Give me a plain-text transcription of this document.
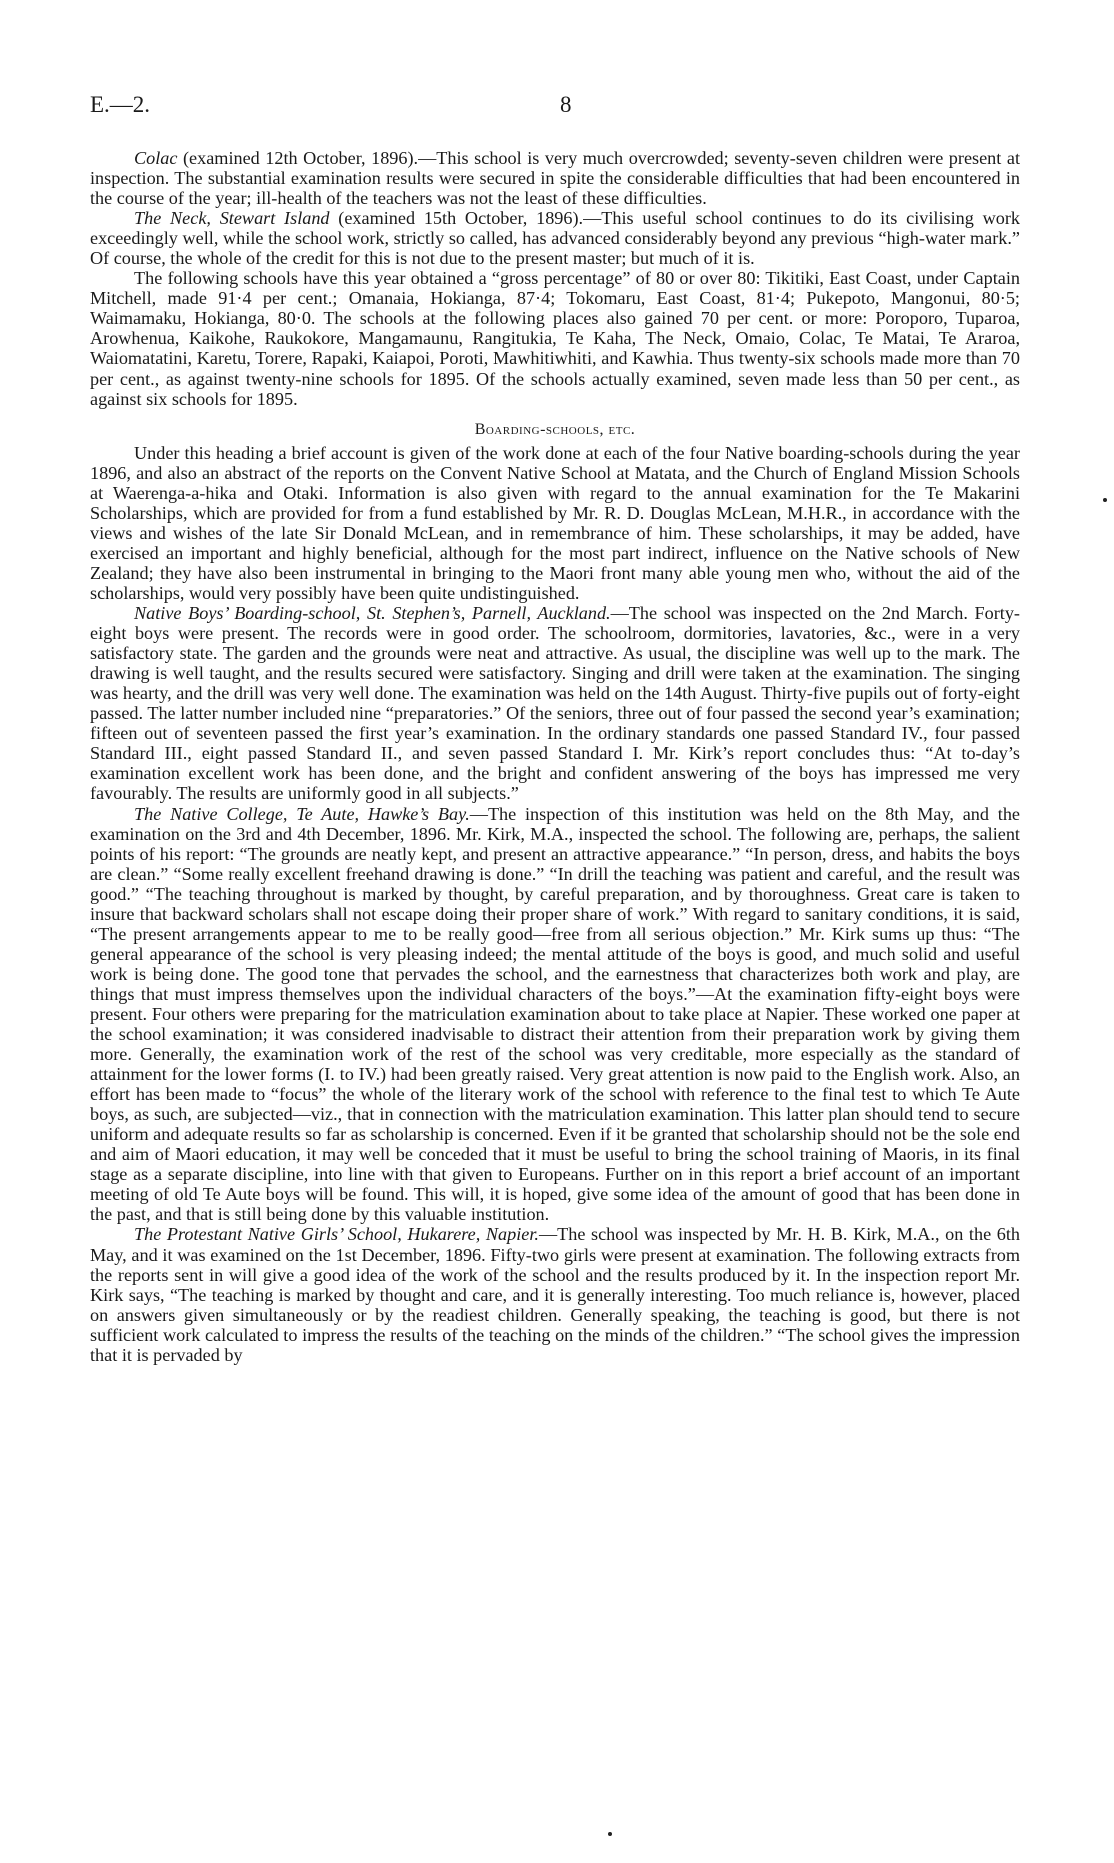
E.—2.	8

Colac (examined 12th October, 1896).—This school is very much overcrowded; seventy-seven children were present at inspection. The substantial examination results were secured in spite the considerable difficulties that had been encountered in the course of the year; ill-health of the teachers was not the least of these difficulties.

The Neck, Stewart Island (examined 15th October, 1896).—This useful school continues to do its civilising work exceedingly well, while the school work, strictly so called, has advanced considerably beyond any previous “high-water mark.” Of course, the whole of the credit for this is not due to the present master; but much of it is.

The following schools have this year obtained a “gross percentage” of 80 or over 80: Tikitiki, East Coast, under Captain Mitchell, made 91·4 per cent.; Omanaia, Hokianga, 87·4; Tokomaru, East Coast, 81·4; Pukepoto, Mangonui, 80·5; Waimamaku, Hokianga, 80·0. The schools at the following places also gained 70 per cent. or more: Poroporo, Tuparoa, Arowhenua, Kaikohe, Raukokore, Mangamaunu, Rangitukia, Te Kaha, The Neck, Omaio, Colac, Te Matai, Te Araroa, Waiomatatini, Karetu, Torere, Rapaki, Kaiapoi, Poroti, Mawhitiwhiti, and Kawhia. Thus twenty-six schools made more than 70 per cent., as against twenty-nine schools for 1895. Of the schools actually examined, seven made less than 50 per cent., as against six schools for 1895.

Boarding-schools, etc.

Under this heading a brief account is given of the work done at each of the four Native boarding-schools during the year 1896, and also an abstract of the reports on the Convent Native School at Matata, and the Church of England Mission Schools at Waerenga-a-hika and Otaki. Information is also given with regard to the annual examination for the Te Makarini Scholarships, which are provided for from a fund established by Mr. R. D. Douglas McLean, M.H.R., in accordance with the views and wishes of the late Sir Donald McLean, and in remembrance of him. These scholarships, it may be added, have exercised an important and highly beneficial, although for the most part indirect, influence on the Native schools of New Zealand; they have also been instrumental in bringing to the Maori front many able young men who, without the aid of the scholarships, would very possibly have been quite undistinguished.

Native Boys’ Boarding-school, St. Stephen’s, Parnell, Auckland.—The school was inspected on the 2nd March. Forty-eight boys were present. The records were in good order. The schoolroom, dormitories, lavatories, &c., were in a very satisfactory state. The garden and the grounds were neat and attractive. As usual, the discipline was well up to the mark. The drawing is well taught, and the results secured were satisfactory. Singing and drill were taken at the examination. The singing was hearty, and the drill was very well done. The examination was held on the 14th August. Thirty-five pupils out of forty-eight passed. The latter number included nine “preparatories.” Of the seniors, three out of four passed the second year’s examination; fifteen out of seventeen passed the first year’s examination. In the ordinary standards one passed Standard IV., four passed Standard III., eight passed Standard II., and seven passed Standard I. Mr. Kirk’s report concludes thus: “At to-day’s examination excellent work has been done, and the bright and confident answering of the boys has impressed me very favourably. The results are uniformly good in all subjects.”

The Native College, Te Aute, Hawke’s Bay.—The inspection of this institution was held on the 8th May, and the examination on the 3rd and 4th December, 1896. Mr. Kirk, M.A., inspected the school. The following are, perhaps, the salient points of his report: “The grounds are neatly kept, and present an attractive appearance.” “In person, dress, and habits the boys are clean.” “Some really excellent freehand drawing is done.” “In drill the teaching was patient and careful, and the result was good.” “The teaching throughout is marked by thought, by careful preparation, and by thoroughness. Great care is taken to insure that backward scholars shall not escape doing their proper share of work.” With regard to sanitary conditions, it is said, “The present arrangements appear to me to be really good—free from all serious objection.” Mr. Kirk sums up thus: “The general appearance of the school is very pleasing indeed; the mental attitude of the boys is good, and much solid and useful work is being done. The good tone that pervades the school, and the earnestness that characterizes both work and play, are things that must impress themselves upon the individual characters of the boys.”—At the examination fifty-eight boys were present. Four others were preparing for the matriculation examination about to take place at Napier. These worked one paper at the school examination; it was considered inadvisable to distract their attention from their preparation work by giving them more. Generally, the examination work of the rest of the school was very creditable, more especially as the standard of attainment for the lower forms (I. to IV.) had been greatly raised. Very great attention is now paid to the English work. Also, an effort has been made to “focus” the whole of the literary work of the school with reference to the final test to which Te Aute boys, as such, are subjected—viz., that in connection with the matriculation examination. This latter plan should tend to secure uniform and adequate results so far as scholarship is concerned. Even if it be granted that scholarship should not be the sole end and aim of Maori education, it may well be conceded that it must be useful to bring the school training of Maoris, in its final stage as a separate discipline, into line with that given to Europeans. Further on in this report a brief account of an important meeting of old Te Aute boys will be found. This will, it is hoped, give some idea of the amount of good that has been done in the past, and that is still being done by this valuable institution.

The Protestant Native Girls’ School, Hukarere, Napier.—The school was inspected by Mr. H. B. Kirk, M.A., on the 6th May, and it was examined on the 1st December, 1896. Fifty-two girls were present at examination. The following extracts from the reports sent in will give a good idea of the work of the school and the results produced by it. In the inspection report Mr. Kirk says, “The teaching is marked by thought and care, and it is generally interesting. Too much reliance is, however, placed on answers given simultaneously or by the readiest children. Generally speaking, the teaching is good, but there is not sufficient work calculated to impress the results of the teaching on the minds of the children.” “The school gives the impression that it is pervaded by
